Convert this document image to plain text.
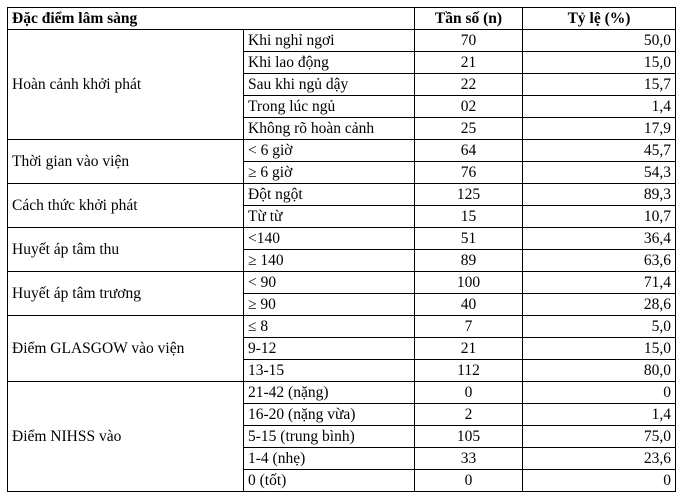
Đặc điểm lâm sàng		Tần số (n)	Tỷ lệ (%)
Hoàn cảnh khởi phát	Khi nghỉ ngơi	70	50,0
	Khi lao động	21	15,0
	Sau khi ngủ dậy	22	15,7
	Trong lúc ngủ	02	1,4
	Không rõ hoàn cảnh	25	17,9
Thời gian vào viện	< 6 giờ	64	45,7
	≥ 6 giờ	76	54,3
Cách thức khởi phát	Đột ngột	125	89,3
	Từ từ	15	10,7
Huyết áp tâm thu	<140	51	36,4
	≥ 140	89	63,6
Huyết áp tâm trương	< 90	100	71,4
	≥ 90	40	28,6
Điểm GLASGOW vào viện	≤ 8	7	5,0
	9-12	21	15,0
	13-15	112	80,0
Điểm NIHSS vào	21-42 (nặng)	0	0
	16-20 (nặng vừa)	2	1,4
	5-15 (trung bình)	105	75,0
	1-4 (nhẹ)	33	23,6
	0 (tốt)	0	0
